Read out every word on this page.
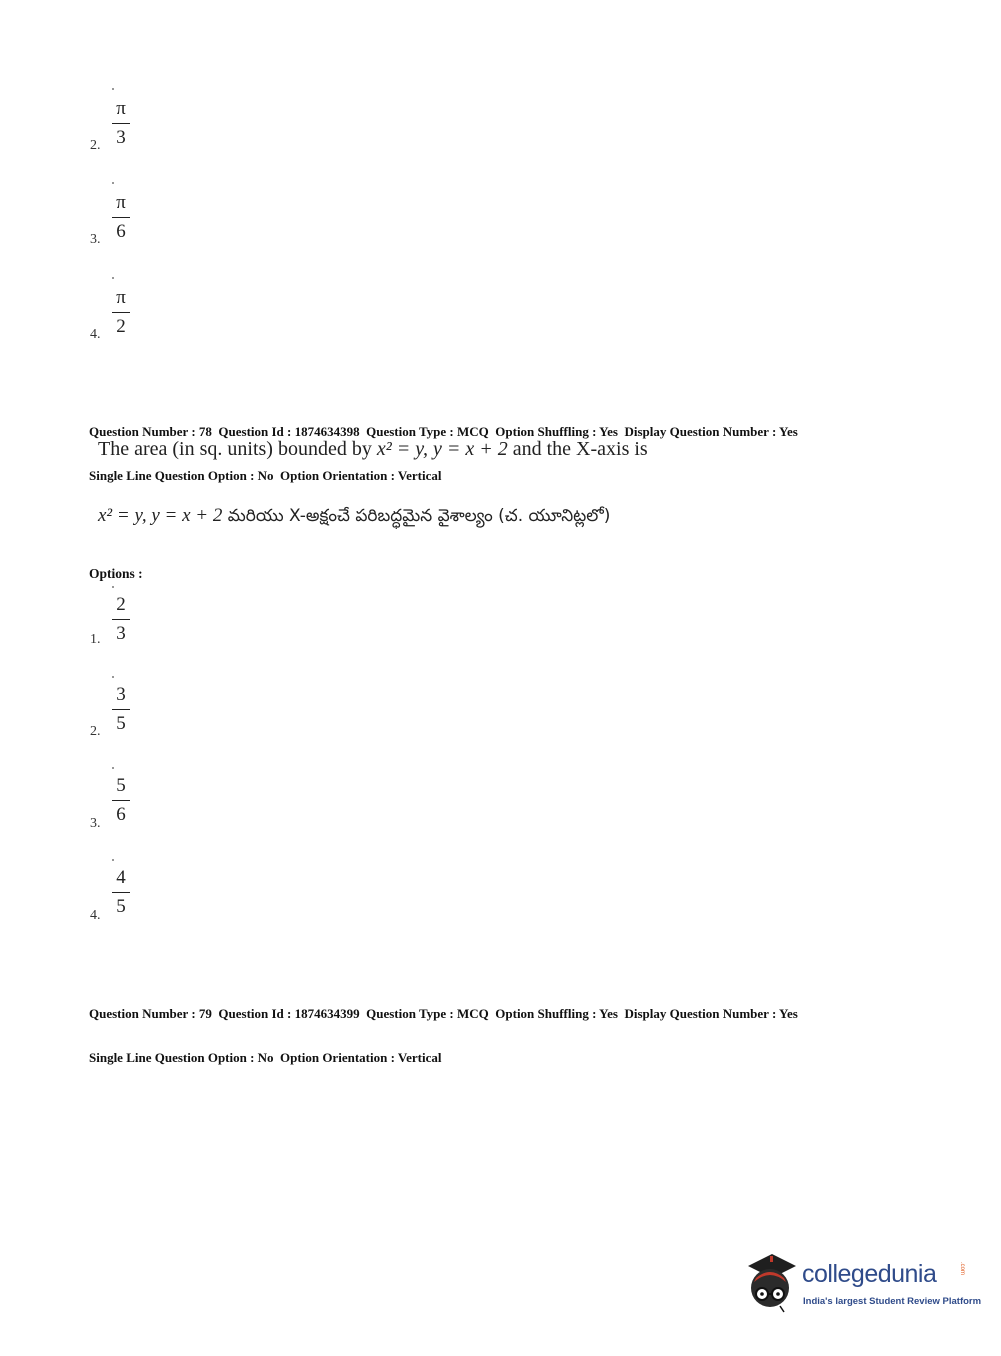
π
3
2.
π
6
3.
π
2
4.

Question Number : 78  Question Id : 1874634398  Question Type : MCQ  Option Shuffling : Yes  Display Question Number : Yes

Single Line Question Option : No  Option Orientation : Vertical

The area (in sq. units) bounded by x² = y, y = x + 2 and the X-axis is
x² = y, y = x + 2 మరియు X-అక్షంచే పరిబద్ధమైన వైశాల్యం (చ. యూనిట్లలో)
Options :
2
3
1.
3
5
2.
5
6
3.
4
5
4.

Question Number : 79  Question Id : 1874634399  Question Type : MCQ  Option Shuffling : Yes  Display Question Number : Yes

Single Line Question Option : No  Option Orientation : Vertical

collegedunia	.com
India's largest Student Review Platform
